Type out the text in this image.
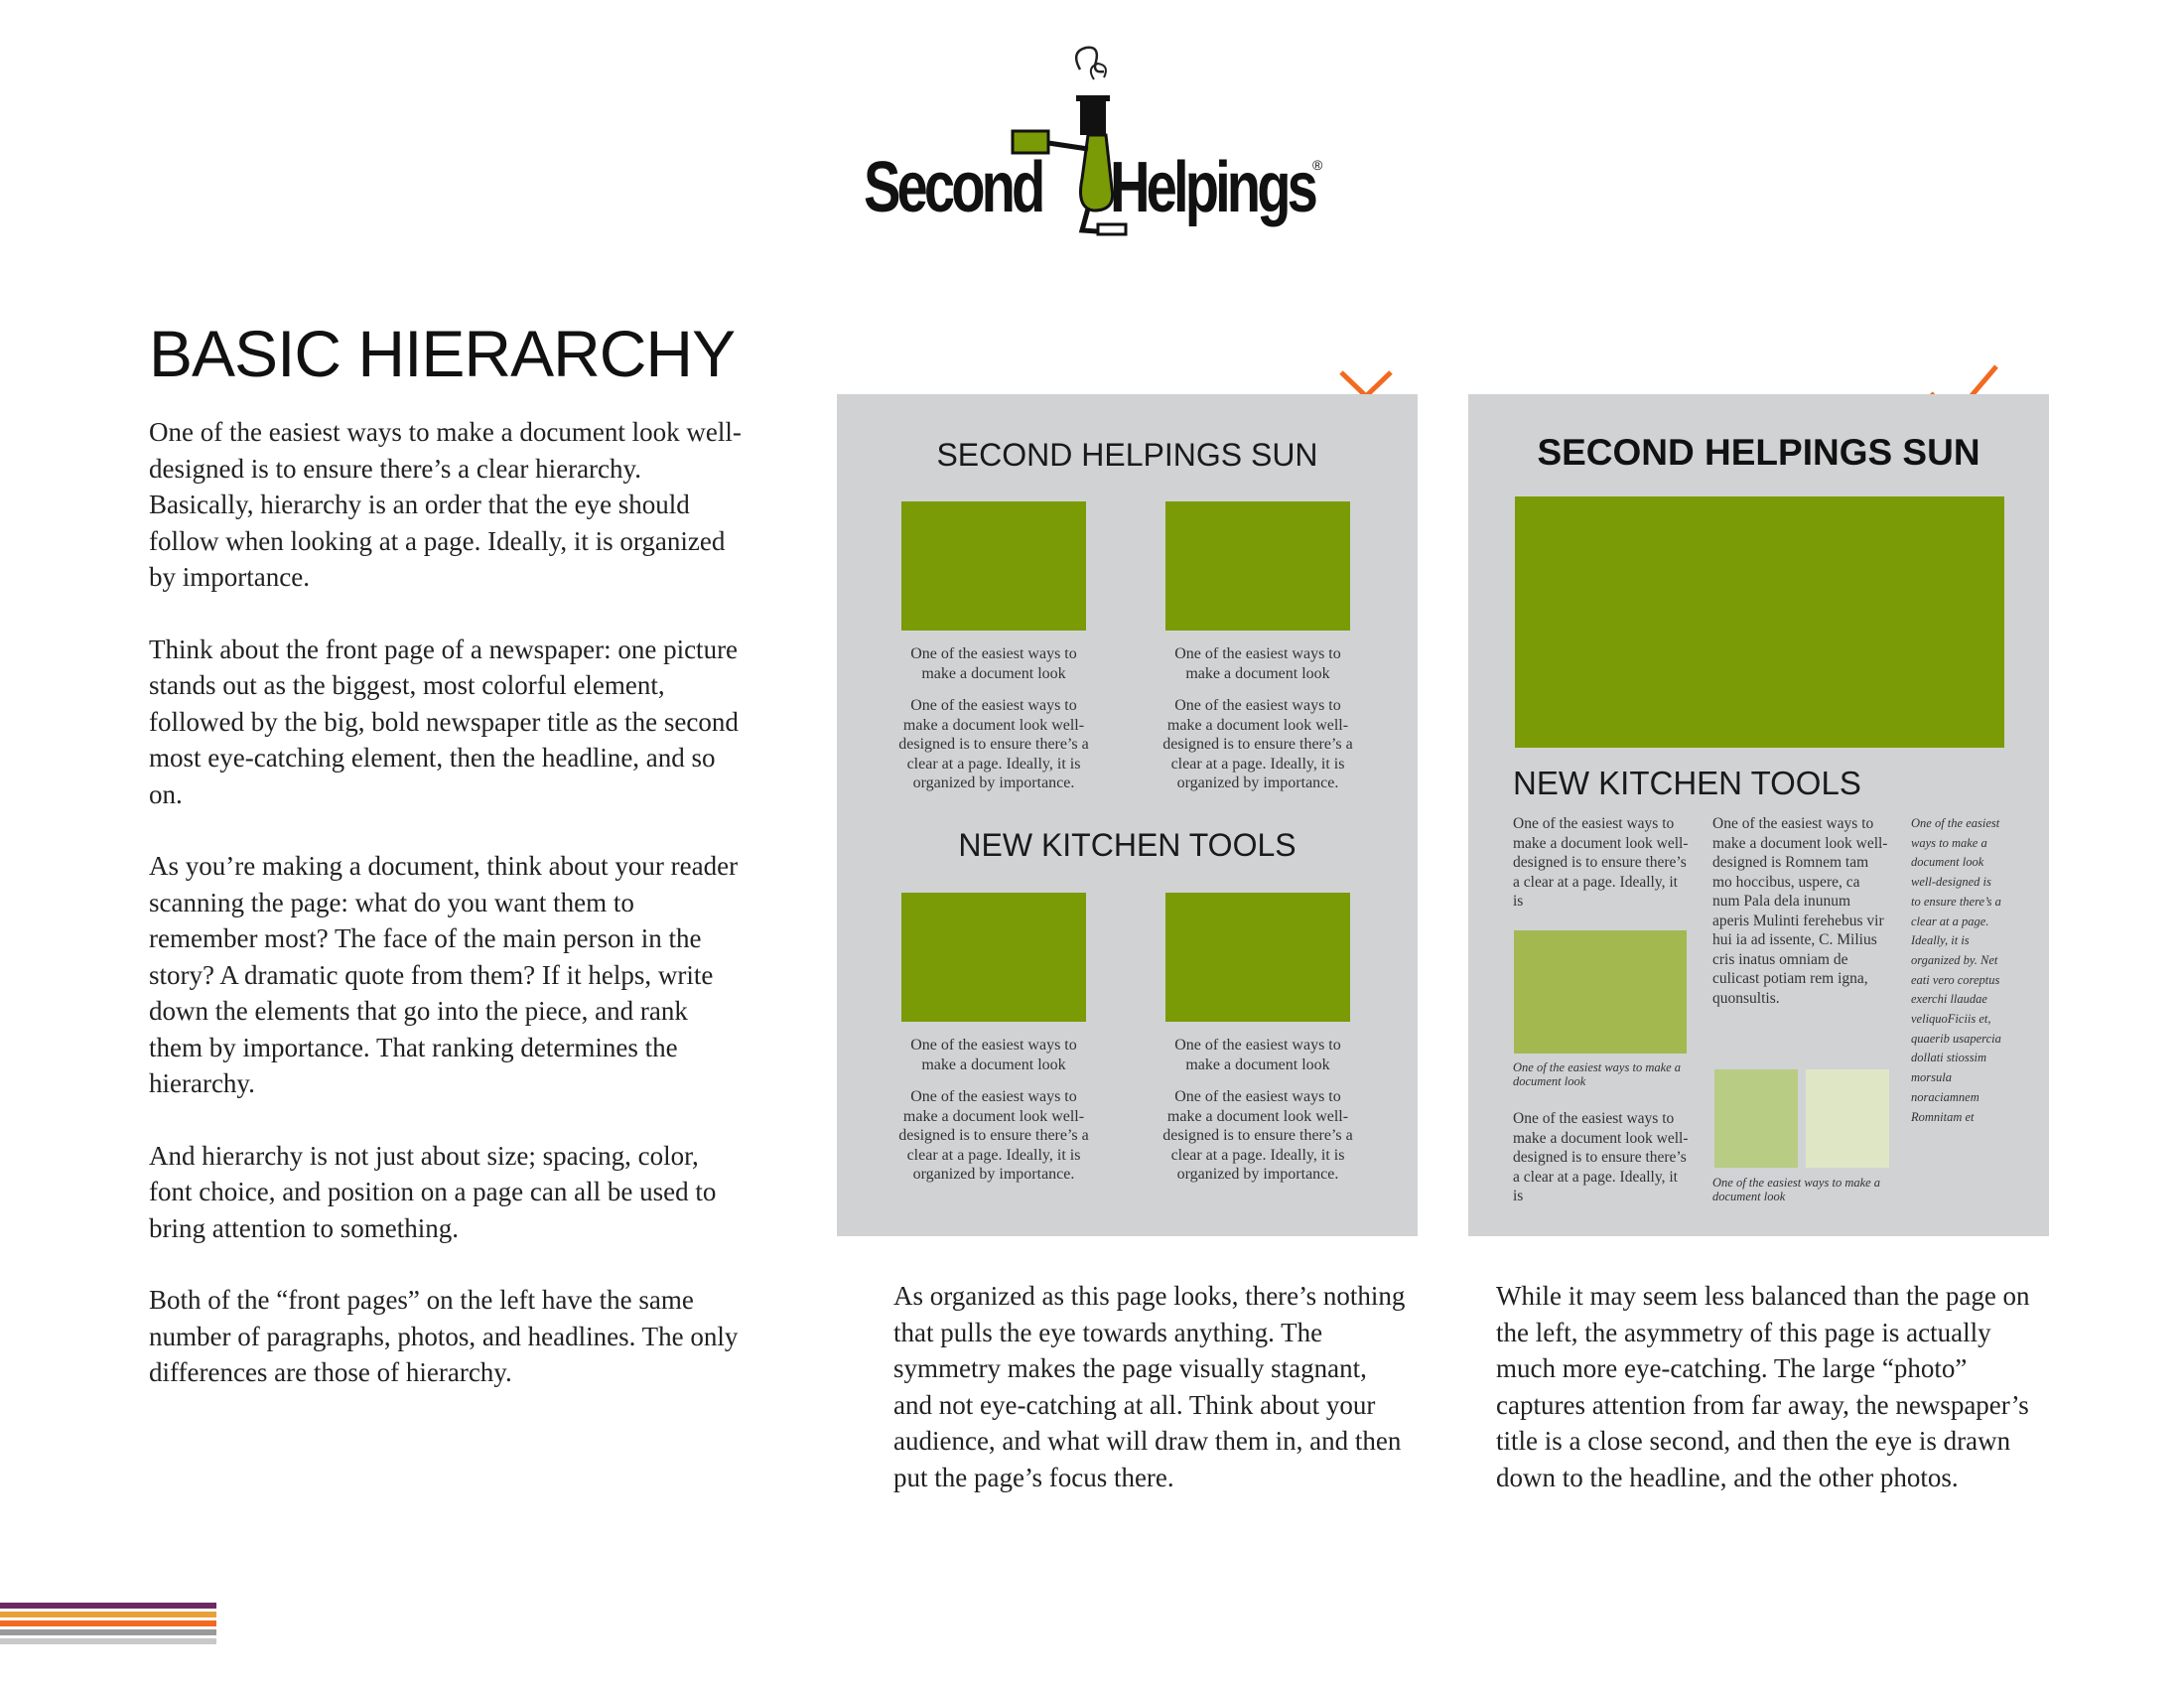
Second Helpings
®
BASIC HIERARCHY

One of the easiest ways to make a document look well-designed is to ensure there’s a clear hierarchy. Basically, hierarchy is an order that the eye should follow when looking at a page. Ideally, it is organized by importance.

Think about the front page of a newspaper: one picture stands out as the biggest, most colorful element, followed by the big, bold newspaper title as the second most eye-catching element, then the headline, and so on.

As you’re making a document, think about your reader scanning the page: what do you want them to remember most? The face of the main person in the story? A dramatic quote from them? If it helps, write down the elements that go into the piece, and rank them by importance. That ranking determines the hierarchy.

And hierarchy is not just about size; spacing, color, font choice, and position on a page can all be used to bring attention to something.

Both of the “front pages” on the left have the same number of paragraphs, photos, and headlines. The only differences are those of hierarchy.

SECOND HELPINGS SUN

One of the easiest ways to make a document look

One of the easiest ways to make a document look well-designed is to ensure there’s a clear at a page. Ideally, it is organized by importance.

One of the easiest ways to make a document look

One of the easiest ways to make a document look well-designed is to ensure there’s a clear at a page. Ideally, it is organized by importance.

NEW KITCHEN TOOLS

One of the easiest ways to make a document look

One of the easiest ways to make a document look well-designed is to ensure there’s a clear at a page. Ideally, it is organized by importance.

One of the easiest ways to make a document look

One of the easiest ways to make a document look well-designed is to ensure there’s a clear at a page. Ideally, it is organized by importance.

SECOND HELPINGS SUN
NEW KITCHEN TOOLS
One of the easiest ways to make a document look well-designed is to ensure there’s a clear at a page. Ideally, it is
One of the easiest ways to make a document look
One of the easiest ways to make a document look well-designed is to ensure there’s a clear at a page. Ideally, it is
One of the easiest ways to make a document look well-designed is Romnem tam mo hoccibus, uspere, ca num Pala dela inunum aperis Mulinti ferehebus vir hui ia ad issente, C. Milius cris inatus omniam de culicast potiam rem igna, quonsultis.
One of the easiest ways to make a document look
One of the easiest ways to make a document look well-designed is to ensure there’s a clear at a page. Ideally, it is organized by. Net eati vero coreptus exerchi llaudae veliquoFiciis et, quaerib usapercia dollati stiossim morsula noraciamnem Romnitam et
As organized as this page looks, there’s nothing that pulls the eye towards anything. The symmetry makes the page visually stagnant, and not eye-catching at all. Think about your audience, and what will draw them in, and then put the page’s focus there.
While it may seem less balanced than the page on the left, the asymmetry of this page is actually much more eye-catching. The large “photo” captures attention from far away, the newspaper’s title is a close second, and then the eye is drawn down to the headline, and the other photos.
